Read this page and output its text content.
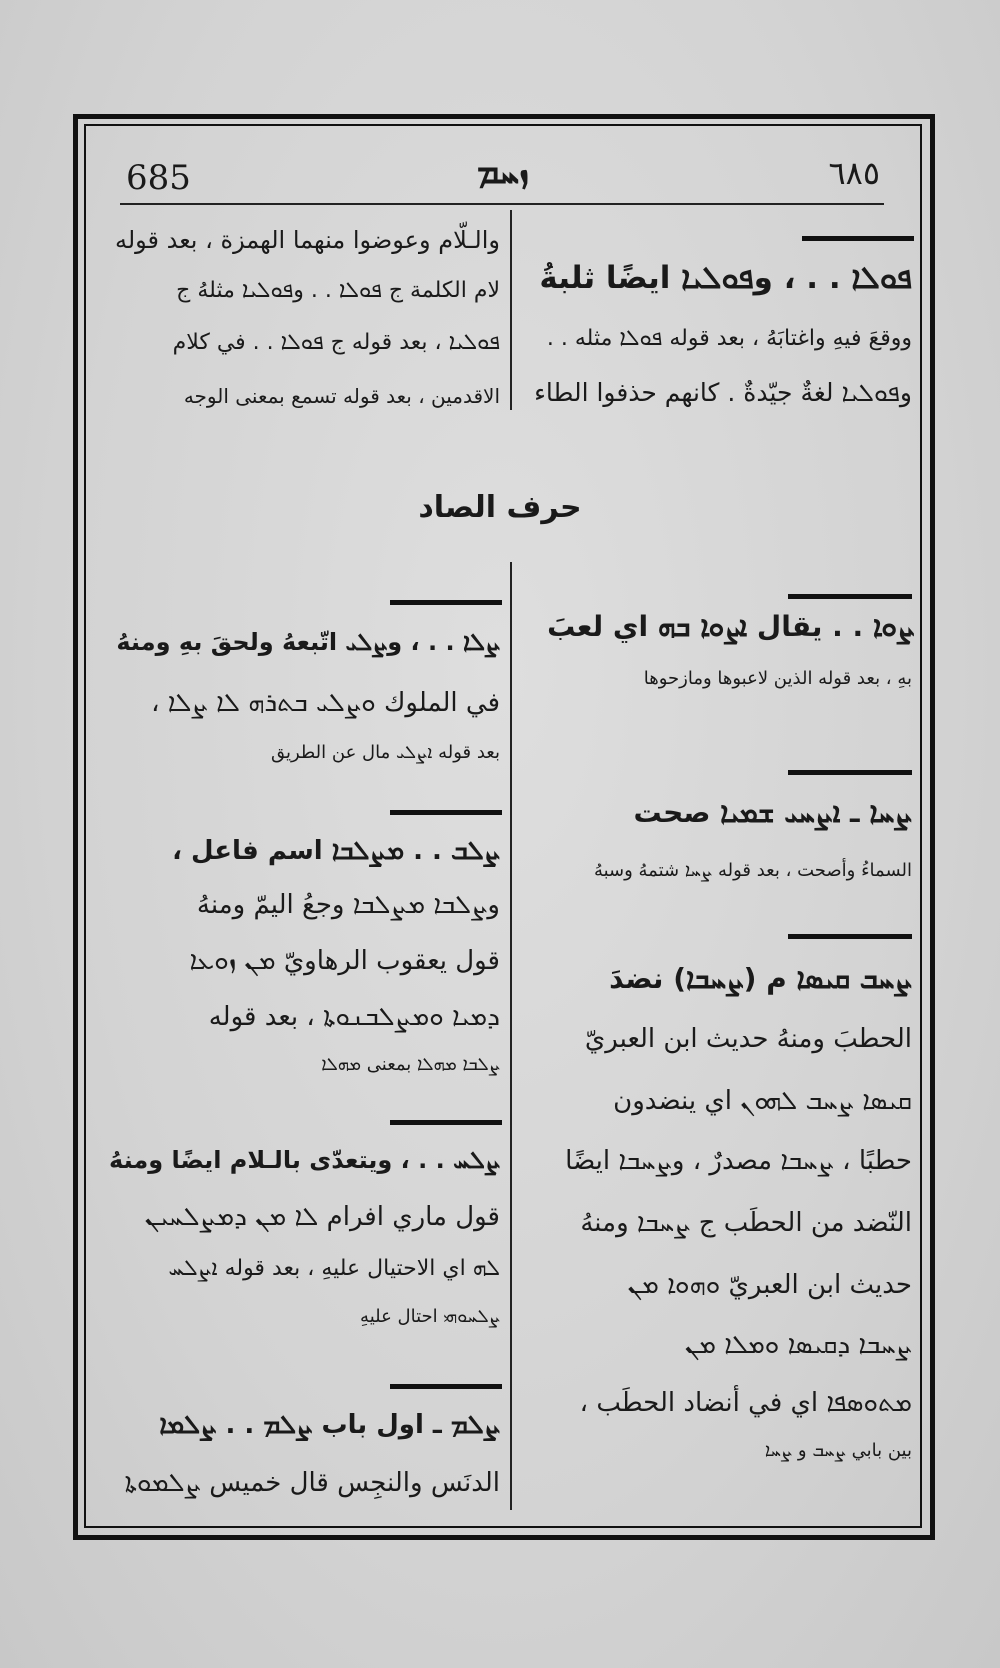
685	ܙܚܡ	٦٨٥
ܦܘܠܐ . . ، وܦܘܠܝܐ ايضًا ثلبةُ
ووقعَ فيهِ واغتابَهُ ، بعد قوله ܦܘܠܐ مثله . .
وܦܘܠܝܐ لغةٌ جيّدةٌ . كانهم حذفوا الطاء
والـلّام وعوضوا منهما الهمزة ، بعد قوله
لام الكلمة ج ܦܘܠܐ . . وܦܘܠܝܐ مثلهُ ج
ܦܘܠܝܐ ، بعد قوله ج ܦܘܠܐ . . في كلام
الاقدمين ، بعد قوله تسمع بمعنى الوجه
حرف الصاد
ܨܘܐ . . يقال ܐܨܘܐ ܒܗ اي لعبَ
بهِ ، بعد قوله الذين لاعبوها ومازحوها
ܨܚܐ ـ ܐܨܚܝ ܫܡܝܐ صحت
السماءُ وأصحت ، بعد قوله ܨܚܐ شتمهُ وسبهُ
ܨܚܒ ܩܝܣܐ م (ܨܚܒܐ) نضدَ
الحطبَ ومنهُ حديث ابن العبريّ
ܩܝܣܐ ܨܚܒ ܠܗܘܢ اي ينضدون
حطبًا ، ܨܚܒܐ مصدرٌ ، وܨܚܒܐ ايضًا
النّضد من الحطَب ج ܨܚܒܐ ومنهُ
حديث ابن العبريّ ܘܗܘܐ ܡܢ
ܨܚܒܐ ܕܩܝܣܐ ܘܡܠܐ ܡܢ
ܡܬܘܣܦܐ اي في أنضاد الحطَب ،
بين بابي ܨܚܒ و ܨܚܐ
ܨܠܐ . . ، وܨܠܝ اتّبعهُ ولحقَ بهِ ومنهُ
في الملوك ܘܨܠܝ ܒܬܪܗ ܠܐ ܨܠܐ ،
بعد قوله ܐܨܠܝ مال عن الطريق
ܨܠܒ . . ܡܨܠܒܐ اسم فاعل ،
وܨܠܒܐ ܡܨܠܒܐ وجعُ اليمّ ومنهُ
قول يعقوب الرهاويّ ܡܢ ܙܘܥܐ
ܕܡܝܐ ܘܡܨܠܒܢܘܬܐ ، بعد قوله
ܨܠܒܐ ܡܗܠܐ بمعنى ܡܗܠܐ
ܨܠܚ . . ، ويتعدّى بالـلام ايضًا ومنهُ
قول ماري افرام ܠܐ ܡܢ ܕܡܨܠܚܝܢ
ܠܗ اي الاحتيال عليهِ ، بعد قوله ܐܨܠܚ
ܨܠܚܘܗܝ احتال عليهِ
ܨܠܡ ـ اول باب ܨܠܡ . . ܨܠܡܐ
الدنَس والنجِس قال خميس ܨܠܡܘܬܐ
